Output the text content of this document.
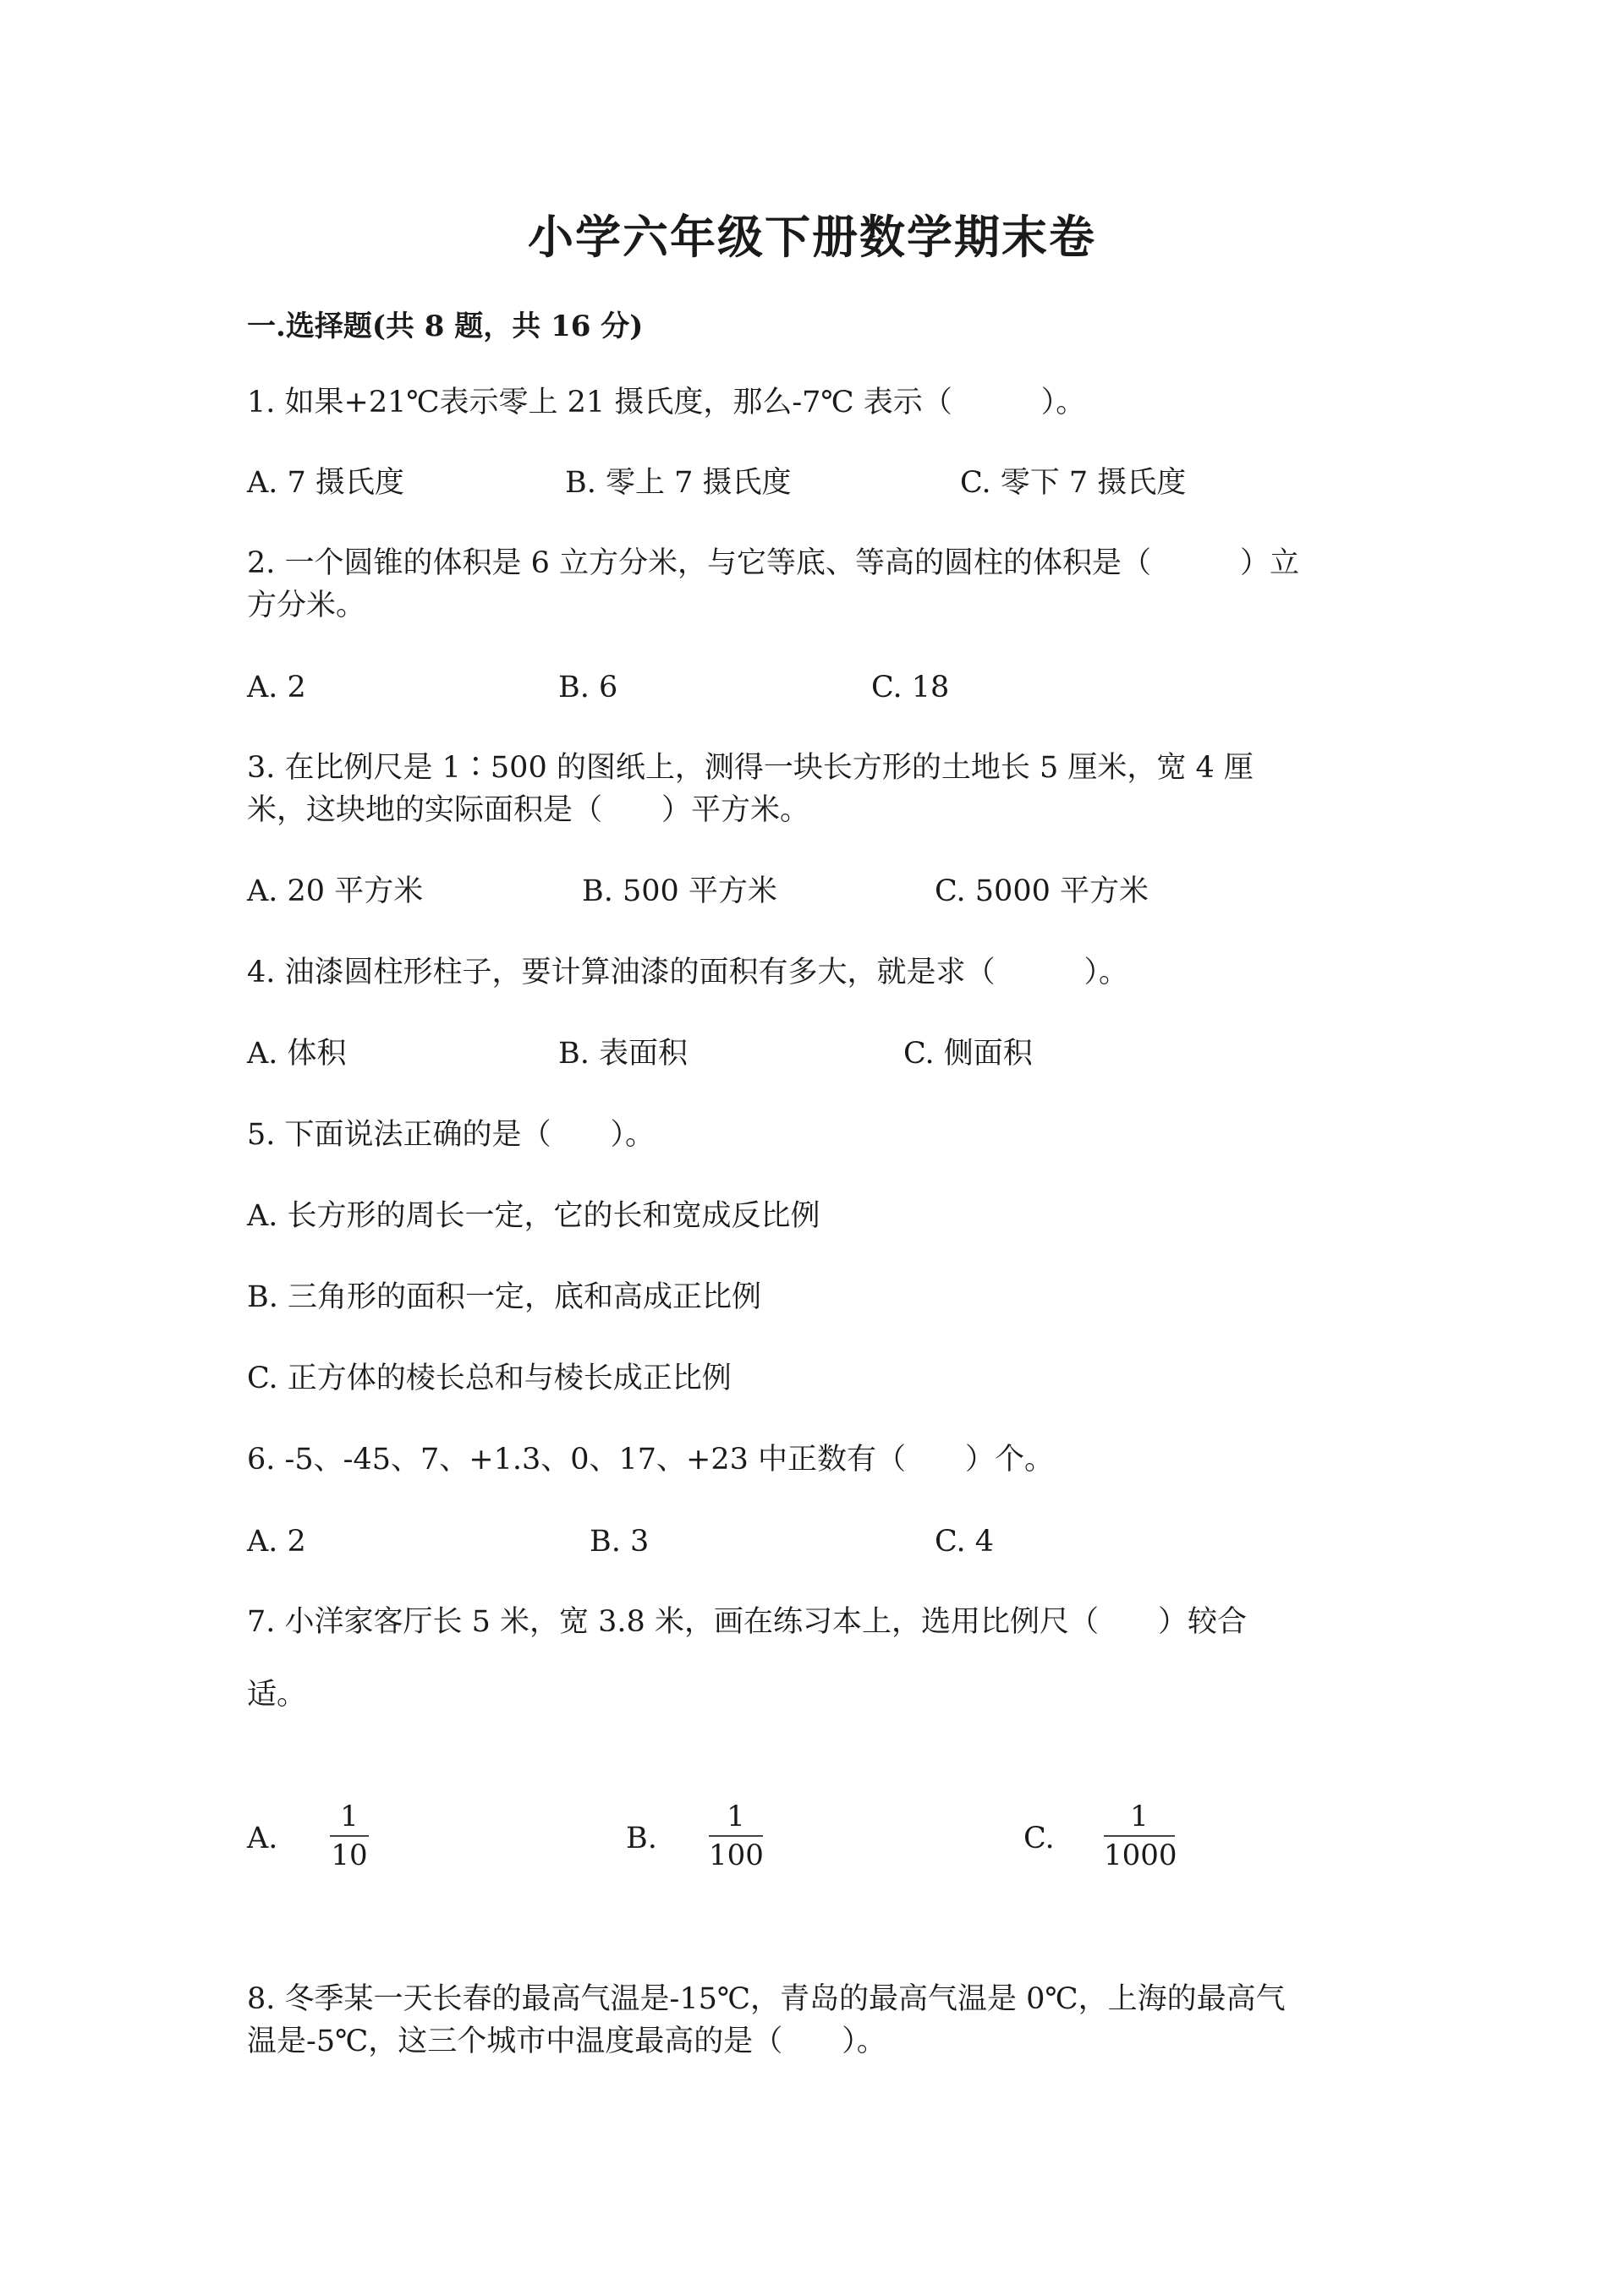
小学六年级下册数学期末卷
一.选择题(共 8 题，共 16 分)
1. 如果+21℃表示零上 21 摄氏度，那么-7℃ 表示（　　　）。
A. 7 摄氏度	B. 零上 7 摄氏度	C. 零下 7 摄氏度
2. 一个圆锥的体积是 6 立方分米，与它等底、等高的圆柱的体积是（　　　）立
方分米。
A. 2	B. 6	C. 18
3. 在比例尺是 1∶500 的图纸上，测得一块长方形的土地长 5 厘米，宽 4 厘
米，这块地的实际面积是（　　）平方米。
A. 20 平方米	B. 500 平方米	C. 5000 平方米
4. 油漆圆柱形柱子，要计算油漆的面积有多大，就是求（　　　）。
A. 体积	B. 表面积	C. 侧面积
5. 下面说法正确的是（　　）。
A. 长方形的周长一定，它的长和宽成反比例
B. 三角形的面积一定，底和高成正比例
C. 正方体的棱长总和与棱长成正比例
6. -5、-45、7、+1.3、0、17、+23 中正数有（　　）个。
A. 2	B. 3	C. 4
7. 小洋家客厅长 5 米，宽 3.8 米，画在练习本上，选用比例尺（　　）较合
适。
A.
1
10	B.
1
100	C.
1
1000
8. 冬季某一天长春的最高气温是-15℃，青岛的最高气温是 0℃，上海的最高气
温是-5℃，这三个城市中温度最高的是（　　）。
